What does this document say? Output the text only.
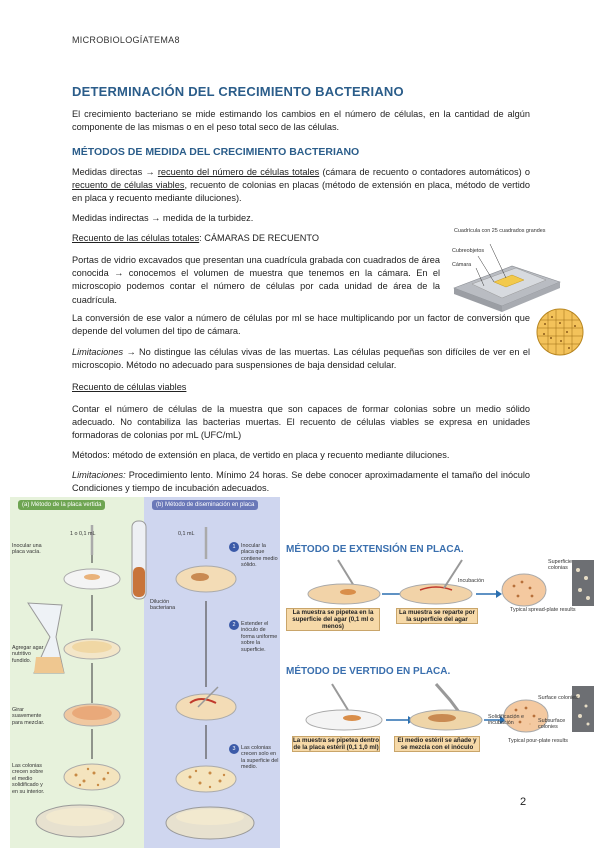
MICROBIOLOGÍATEMA8
DETERMINACIÓN DEL CRECIMIENTO BACTERIANO
El crecimiento bacteriano se mide estimando los cambios en el número de células, en la cantidad de algún componente de las mismas o en el peso total seco de las células.
MÉTODOS DE MEDIDA DEL CRECIMIENTO BACTERIANO
Medidas directas → recuento del número de células totales (cámara de recuento o contadores automáticos) o recuento de células viables, recuento de colonias en placas (método de extensión en placa, método de vertido en placa y recuento mediante diluciones).
Medidas indirectas → medida de la turbidez.
Recuento de las células totales: CÁMARAS DE RECUENTO
Portas de vidrio excavados que presentan una cuadrícula grabada con cuadrados de área conocida → conocemos el volumen de muestra que tenemos en la cámara. En el microscopio podemos contar el número de células por cada unidad de área de la cuadrícula.
Cuadrícula con 25 cuadrados grandes
Cubreobjetos
Cámara
La conversión de ese valor a número de células por ml se hace multiplicando por un factor de conversión que depende del volumen del tipo de cámara.
Limitaciones → No distingue las células vivas de las muertas. Las células pequeñas son difíciles de ver en el microscopio. Método no adecuado para suspensiones de baja densidad celular.
Recuento de células viables
Contar el número de células de la muestra que son capaces de formar colonias sobre un medio sólido adecuado. No contabiliza las bacterias muertas. El recuento de células viables se expresa en unidades formadoras de colonias por mL (UFC/mL)
Métodos: método de extensión en placa, de vertido en placa y recuento mediante diluciones.
Limitaciones: Procedimiento lento. Mínimo 24 horas. Se debe conocer aproximadamente el tamaño del inóculo Condiciones y tiempo de incubación adecuados.
(a) Método de la placa vertida	(b) Método de diseminación en placa
1 o 0,1 mL	0,1 mL
Inocular una placa vacía.
Agregar agar nutritivo fundido.
Girar suavemente para mezclar.
Las colonias crecen sobre el medio solidificado y en su interior.
Dilución bacteriana
1
2
3
Inocular la placa que contiene medio sólido.
Extender el inóculo de forma uniforme sobre la superficie.
Las colonias crecen solo en la superficie del medio.
MÉTODO DE EXTENSIÓN EN PLACA.
Incubación
Superficie colonias
Typical spread-plate results
La muestra se pipetea en la superficie del agar (0,1 ml o menos)
La muestra se reparte por la superficie del agar
MÉTODO DE VERTIDO EN PLACA.
Solidificación e incubación
Surface colonies
Subsurface colonies
Typical pour-plate results
La muestra se pipetea dentro de la placa estéril (0,1 1,0 ml)
El medio estéril se añade y se mezcla con el inóculo
2
